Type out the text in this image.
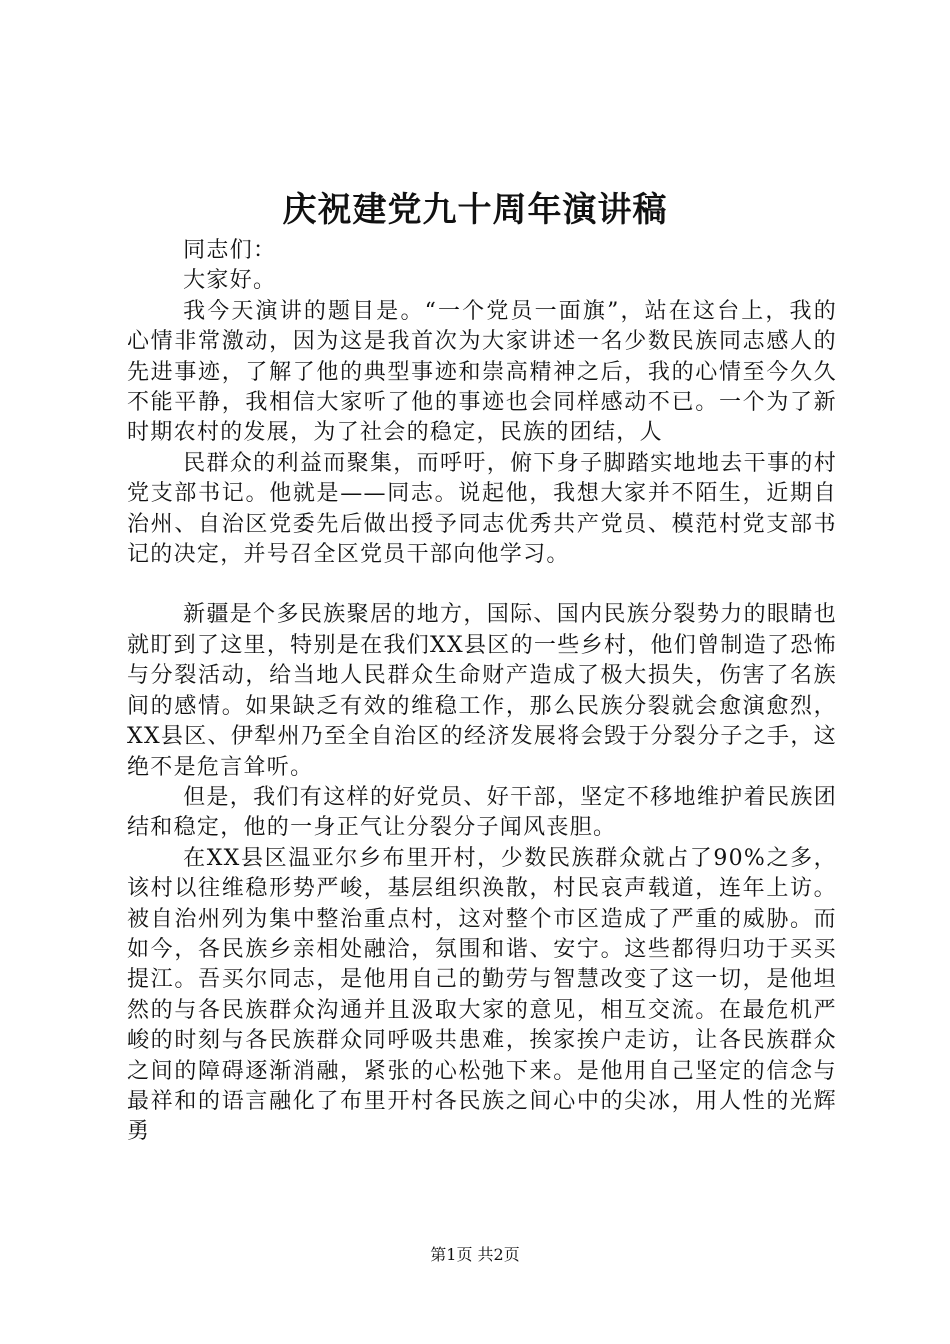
庆祝建党九十周年演讲稿

同志们：

大家好。

我今天演讲的题目是。“一个党员一面旗”，站在这台上，我的心情非常激动，因为这是我首次为大家讲述一名少数民族同志感人的先进事迹，了解了他的典型事迹和崇高精神之后，我的心情至今久久不能平静，我相信大家听了他的事迹也会同样感动不已。一个为了新时期农村的发展，为了社会的稳定，民族的团结，人

民群众的利益而聚集，而呼吁，俯下身子脚踏实地地去干事的村党支部书记。他就是——同志。说起他，我想大家并不陌生，近期自治州、自治区党委先后做出授予同志优秀共产党员、模范村党支部书记的决定，并号召全区党员干部向他学习。

新疆是个多民族聚居的地方，国际、国内民族分裂势力的眼睛也就盯到了这里，特别是在我们XX县区的一些乡村，他们曾制造了恐怖与分裂活动，给当地人民群众生命财产造成了极大损失，伤害了名族间的感情。如果缺乏有效的维稳工作，那么民族分裂就会愈演愈烈，XX县区、伊犁州乃至全自治区的经济发展将会毁于分裂分子之手，这绝不是危言耸听。

但是，我们有这样的好党员、好干部，坚定不移地维护着民族团结和稳定，他的一身正气让分裂分子闻风丧胆。

在XX县区温亚尔乡布里开村，少数民族群众就占了90%之多，该村以往维稳形势严峻，基层组织涣散，村民哀声载道，连年上访。被自治州列为集中整治重点村，这对整个市区造成了严重的威胁。而如今，各民族乡亲相处融洽，氛围和谐、安宁。这些都得归功于买买提江。吾买尔同志，是他用自己的勤劳与智慧改变了这一切，是他坦然的与各民族群众沟通并且汲取大家的意见，相互交流。在最危机严峻的时刻与各民族群众同呼吸共患难，挨家挨户走访，让各民族群众之间的障碍逐渐消融，紧张的心松弛下来。是他用自己坚定的信念与最祥和的语言融化了布里开村各民族之间心中的尖冰，用人性的光辉勇

第1页 共2页
